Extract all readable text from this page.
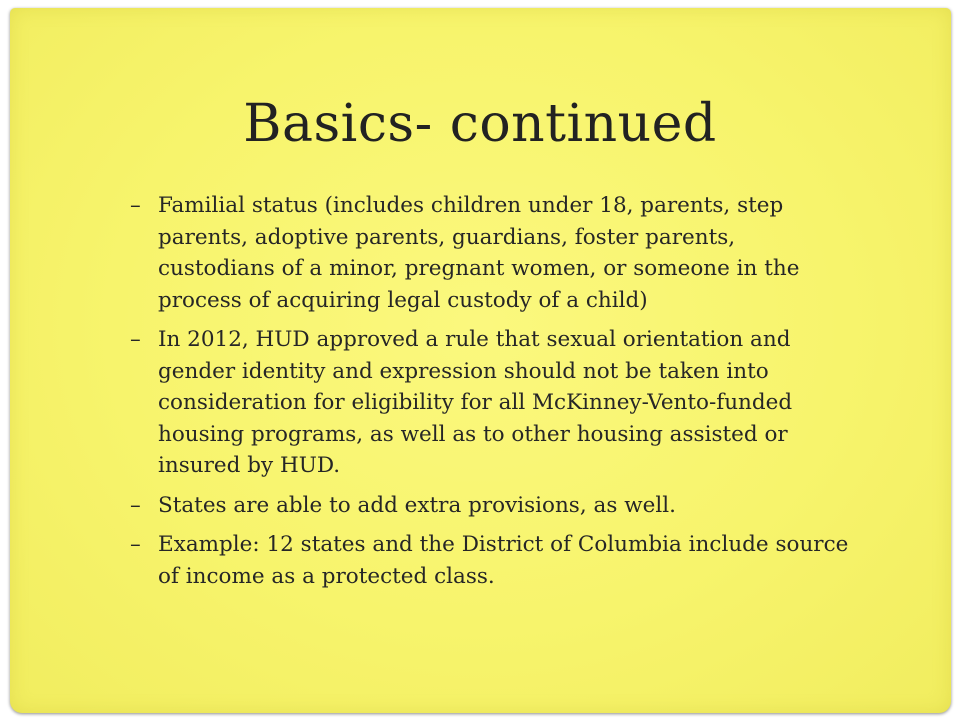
Basics- continued
– Familial status (includes children under 18, parents, step parents, adoptive parents, guardians, foster parents, custodians of a minor, pregnant women, or someone in the process of acquiring legal custody of a child)
– In 2012, HUD approved a rule that sexual orientation and gender identity and expression should not be taken into consideration for eligibility for all McKinney-Vento-funded housing programs, as well as to other housing assisted or insured by HUD.
– States are able to add extra provisions, as well.
– Example: 12 states and the District of Columbia include source of income as a protected class.
